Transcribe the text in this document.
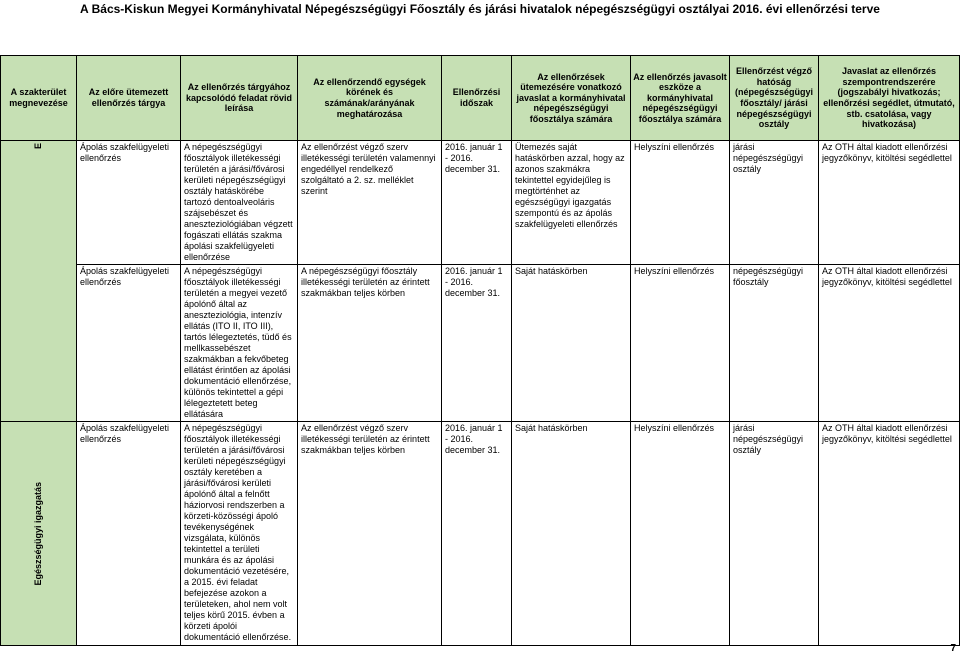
A Bács-Kiskun Megyei Kormányhivatal Népegészségügyi Főosztály és járási hivatalok népegészségügyi osztályai 2016. évi ellenőrzési terve
A szakterület megnevezése	Az előre ütemezett ellenőrzés tárgya	Az ellenőrzés tárgyához kapcsolódó feladat rövid leírása	Az ellenőrzendő egységek körének és számának/arányának meghatározása	Ellenőrzési időszak	Az ellenőrzések ütemezésére vonatkozó javaslat a kormányhivatal népegészségügyi főosztálya számára	Az ellenőrzés javasolt eszköze a kormányhivatal népegészségügyi főosztálya számára	Ellenőrzést végző hatóság (népegészségügyi főosztály/ járási népegészségügyi osztály	Javaslat az ellenőrzés szempontrendszerére (jogszabályi hivatkozás; ellenőrzési segédlet, útmutató, stb. csatolása, vagy hivatkozása)

E	Ápolás szakfelügyeleti ellenőrzés	A népegészségügyi főosztályok illetékességi területén a járási/fővárosi kerületi népegészségügyi osztály hatáskörébe tartozó dentoalveoláris szájsebészet és aneszteziológiában végzett fogászati ellátás szakma ápolási szakfelügyeleti ellenőrzése	Az ellenőrzést végző szerv illetékességi területén valamennyi engedéllyel rendelkező szolgáltató a 2. sz. melléklet szerint	2016. január 1 - 2016. december 31.	Ütemezés saját hatáskörben azzal, hogy az azonos szakmákra tekintettel egyidejűleg is megtörténhet az egészségügyi igazgatás szempontú és az ápolás szakfelügyeleti ellenőrzés	Helyszíni ellenőrzés	járási népegészségügyi osztály	Az OTH által kiadott ellenőrzési jegyzőkönyv, kitöltési segédlettel
	Ápolás szakfelügyeleti ellenőrzés	A népegészségügyi főosztályok illetékességi területén a megyei vezető ápolónő által az aneszteziológia, intenzív ellátás (ITO II, ITO III), tartós lélegeztetés, tüdő és mellkassebészet szakmákban a fekvőbeteg ellátást érintően az ápolási dokumentáció ellenőrzése, különös tekintettel a gépi lélegeztetett beteg ellátására	A népegészségügyi főosztály illetékességi területén az érintett szakmákban teljes körben	2016. január 1 - 2016. december 31.	Saját hatáskörben	Helyszíni ellenőrzés	népegészségügyi főosztály	Az OTH által kiadott ellenőrzési jegyzőkönyv, kitöltési segédlettel

Egészségügyi igazgatás	Ápolás szakfelügyeleti ellenőrzés	A népegészségügyi főosztályok illetékességi területén a járási/fővárosi kerületi népegészségügyi osztály keretében a járási/fővárosi kerületi ápolónő által a felnőtt háziorvosi rendszerben a körzeti-közösségi ápoló tevékenységének vizsgálata, különös tekintettel a területi munkára és az ápolási dokumentáció vezetésére, a 2015. évi feladat befejezése azokon a területeken, ahol nem volt teljes körű 2015. évben a körzeti ápolói dokumentáció ellenőrzése.	Az ellenőrzést végző szerv illetékességi területén az érintett szakmákban teljes körben	2016. január 1 - 2016. december 31.	Saját hatáskörben	Helyszíni ellenőrzés	járási népegészségügyi osztály	Az OTH által kiadott ellenőrzési jegyzőkönyv, kitöltési segédlettel
7
